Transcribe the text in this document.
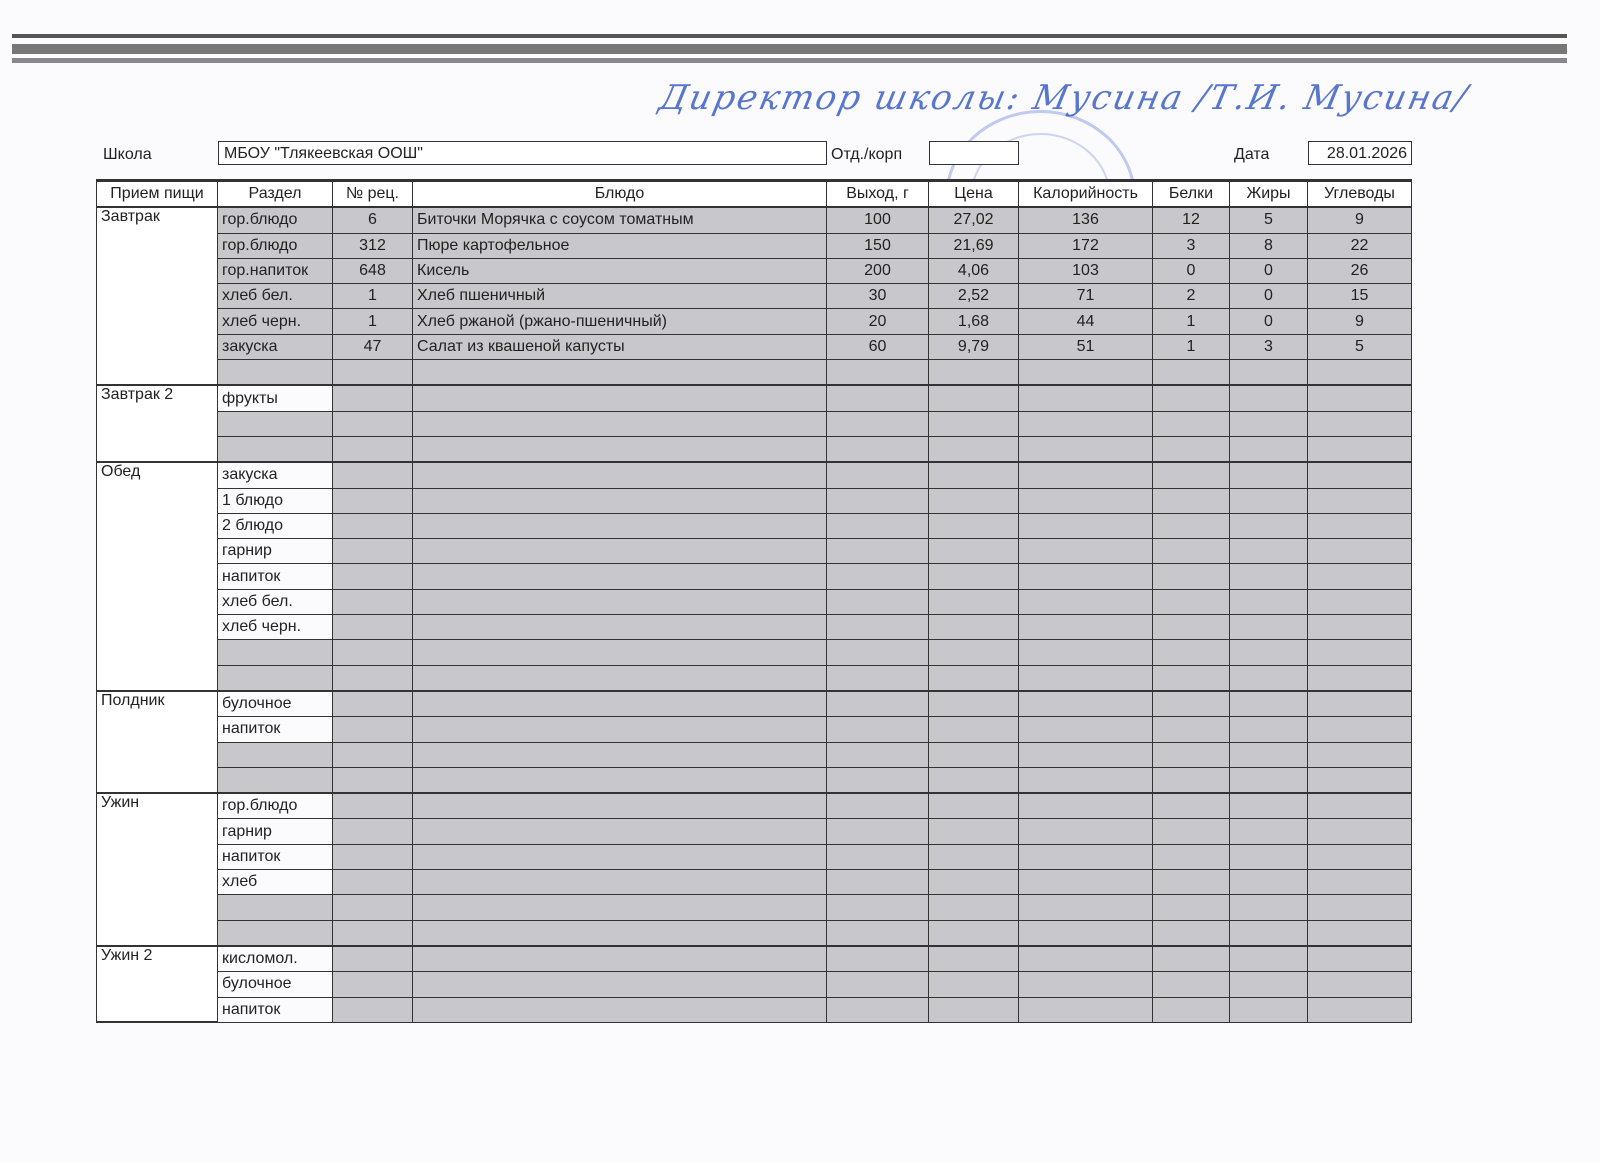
Директор школы: Мусина /Т.И. Мусина/
Школа	МБОУ "Тлякеевская ООШ"	Отд./корп	Дата	28.01.2026
Прием пищи	Раздел	№ рец.	Блюдо	Выход, г	Цена	Калорийность	Белки	Жиры	Углеводы
Завтрак	гор.блюдо	6	Биточки Морячка с соусом томатным	100	27,02	136	12	5	9
	гор.блюдо	312	Пюре картофельное	150	21,69	172	3	8	22
	гор.напиток	648	Кисель	200	4,06	103	0	0	26
	хлеб бел.	1	Хлеб пшеничный	30	2,52	71	2	0	15
	хлеб черн.	1	Хлеб ржаной (ржано-пшеничный)	20	1,68	44	1	0	9
	закуска	47	Салат из квашеной капусты	60	9,79	51	1	3	5

Завтрак 2	фрукты								

Обед	закуска								
	1 блюдо								
	2 блюдо								
	гарнир								
	напиток								
	хлеб бел.								
	хлеб черн.								

Полдник	булочное								
	напиток								

Ужин	гор.блюдо								
	гарнир								
	напиток								
	хлеб								

Ужин 2	кисломол.								
	булочное								
	напиток								
